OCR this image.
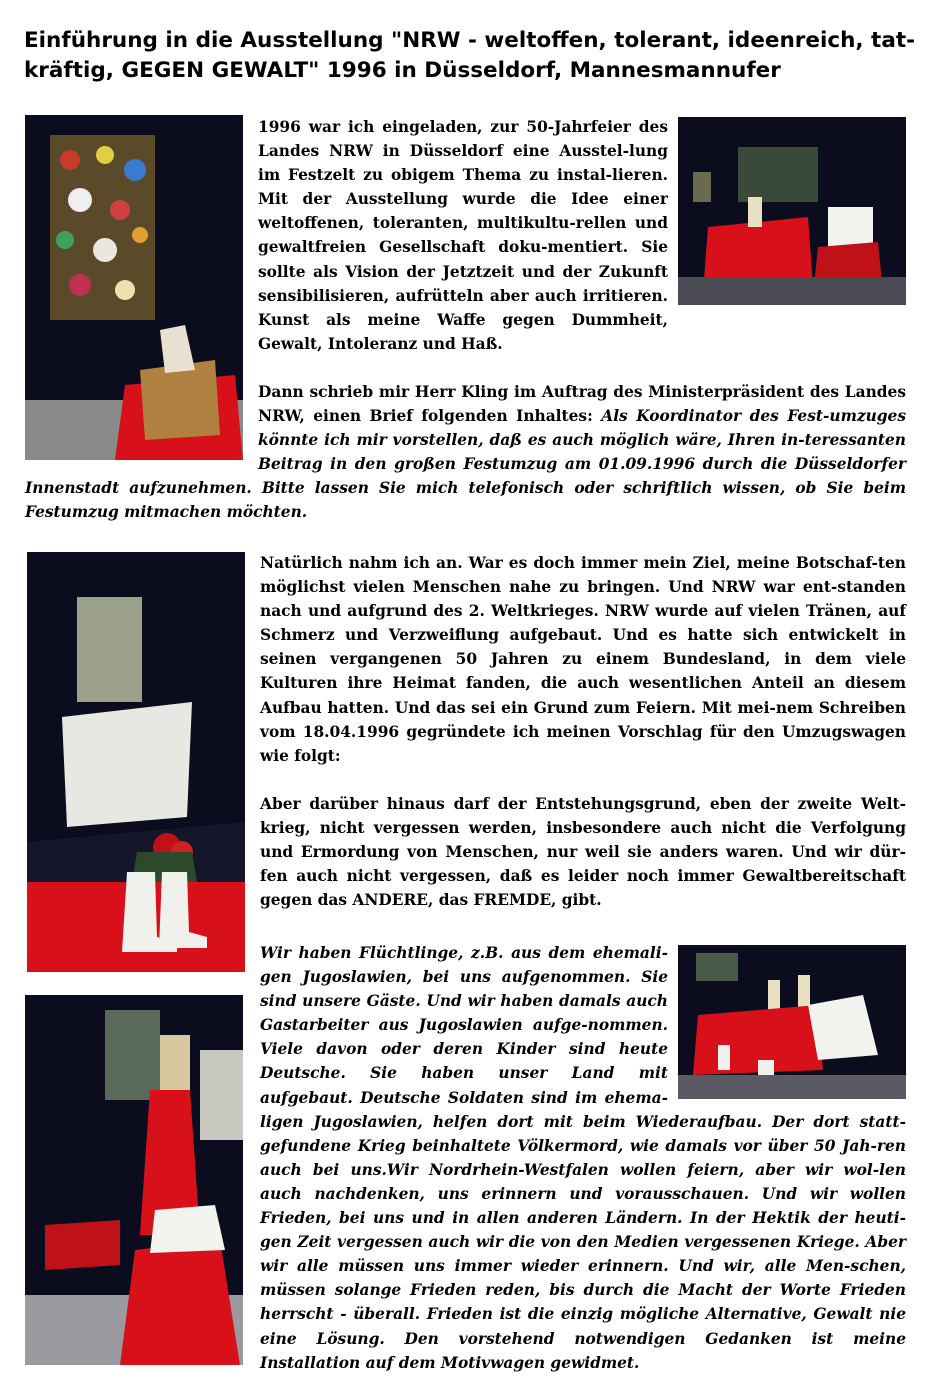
Einführung in die Ausstellung "NRW - weltoffen, tolerant, ideenreich, tat-kräftig, GEGEN GEWALT" 1996 in Düsseldorf, Mannesmannufer

1996 war ich eingeladen, zur 50-Jahrfeier des Landes NRW in Düsseldorf eine Ausstel-lung im Festzelt zu obigem Thema zu instal-lieren. Mit der Ausstellung wurde die Idee einer weltoffenen, toleranten, multikultu-rellen und gewaltfreien Gesellschaft doku-mentiert. Sie sollte als Vision der Jetztzeit und der Zukunft sensibilisieren, aufrütteln aber auch irritieren. Kunst als meine Waffe gegen Dummheit, Gewalt, Intoleranz und Haß.

Dann schrieb mir Herr Kling im Auftrag des Ministerpräsident des Landes NRW, einen Brief folgenden Inhaltes: Als Koordinator des Fest-umzuges könnte ich mir vorstellen, daß es auch möglich wäre, Ihren in-teressanten Beitrag in den großen Festumzug am 01.09.1996 durch die Düsseldorfer Innenstadt aufzunehmen. Bitte lassen Sie mich telefonisch oder schriftlich wissen, ob Sie beim Festumzug mitmachen möchten.

Natürlich nahm ich an. War es doch immer mein Ziel, meine Botschaf-ten möglichst vielen Menschen nahe zu bringen. Und NRW war ent-standen nach und aufgrund des 2. Weltkrieges. NRW wurde auf vielen Tränen, auf Schmerz und Verzweiflung aufgebaut. Und es hatte sich entwickelt in seinen vergangenen 50 Jahren zu einem Bundesland, in dem viele Kulturen ihre Heimat fanden, die auch wesentlichen Anteil an diesem Aufbau hatten. Und das sei ein Grund zum Feiern. Mit mei-nem Schreiben vom 18.04.1996 gegründete ich meinen Vorschlag für den Umzugswagen wie folgt:

Aber darüber hinaus darf der Entstehungsgrund, eben der zweite Welt-krieg, nicht vergessen werden, insbesondere auch nicht die Verfolgung und Ermordung von Menschen, nur weil sie anders waren. Und wir dür-fen auch nicht vergessen, daß es leider noch immer Gewaltbereitschaft gegen das ANDERE, das FREMDE, gibt.

Wir haben Flüchtlinge, z.B. aus dem ehemali-gen Jugoslawien, bei uns aufgenommen. Sie sind unsere Gäste. Und wir haben damals auch Gastarbeiter aus Jugoslawien aufge-nommen. Viele davon oder deren Kinder sind heute Deutsche. Sie haben unser Land mit aufgebaut. Deutsche Soldaten sind im ehema-ligen Jugoslawien, helfen dort mit beim Wiederaufbau. Der dort statt-gefundene Krieg beinhaltete Völkermord, wie damals vor über 50 Jah-ren auch bei uns.Wir Nordrhein-Westfalen wollen feiern, aber wir wol-len auch nachdenken, uns erinnern und vorausschauen. Und wir wollen Frieden, bei uns und in allen anderen Ländern. In der Hektik der heuti-gen Zeit vergessen auch wir die von den Medien vergessenen Kriege. Aber wir alle müssen uns immer wieder erinnern. Und wir, alle Men-schen, müssen solange Frieden reden, bis durch die Macht der Worte Frieden herrscht - überall. Frieden ist die einzig mögliche Alternative, Gewalt nie eine Lösung. Den vorstehend notwendigen Gedanken ist meine Installation auf dem Motivwagen gewidmet.
